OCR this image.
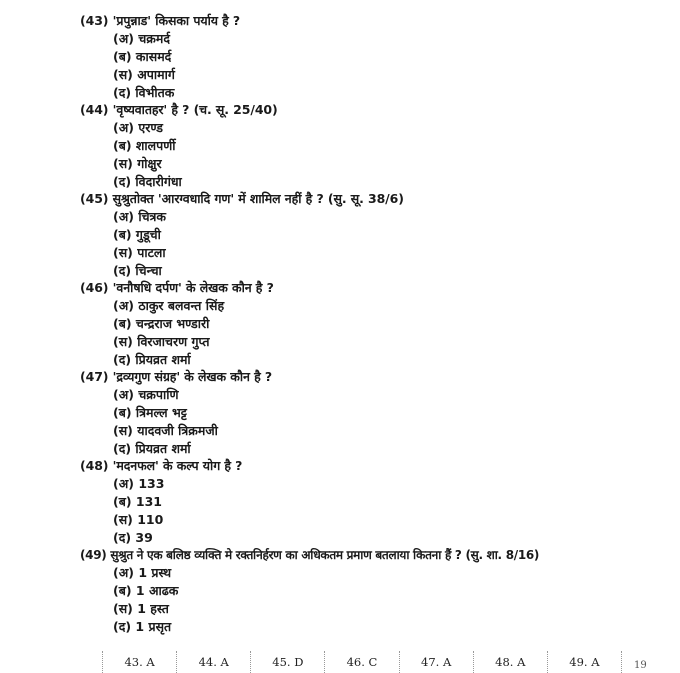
(43) 'प्रपुन्नाड' किसका पर्याय है ?
(अ) चक्रमर्द
(ब) कासमर्द
(स) अपामार्ग
(द) विभीतक
(44) 'वृष्यवातहर' है ? (च. सू. 25/40)
(अ) एरण्ड
(ब) शालपर्णी
(स) गोक्षुर
(द) विदारीगंधा
(45) सुश्रुतोक्त 'आरग्वधादि गण' में शामिल नहीं है ? (सु. सू. 38/6)
(अ) चित्रक
(ब) गुडूची
(स) पाटला
(द) चिन्चा
(46) 'वनौषधि दर्पण' के लेखक कौन है ?
(अ) ठाकुर बलवन्त सिंह
(ब) चन्द्रराज भण्डारी
(स) विरजाचरण गुप्त
(द) प्रियव्रत शर्मा
(47) 'द्रव्यगुण संग्रह' के लेखक कौन है ?
(अ) चक्रपाणि
(ब) त्रिमल्ल भट्ट
(स) यादवजी त्रिक्रमजी
(द) प्रियव्रत शर्मा
(48) 'मदनफल' के कल्प योग है ?
(अ) 133
(ब) 131
(स) 110
(द) 39
(49) सुश्रुत ने एक बलिष्ठ व्यक्ति मे रक्तनिर्हरण का अधिकतम प्रमाण बतलाया कितना हैं ? (सु. शा. 8/16)
(अ) 1 प्रस्थ
(ब) 1 आढक
(स) 1 हस्त
(द) 1 प्रसृत
43. A	44. A	45. D	46. C	47. A	48. A	49. A	19
